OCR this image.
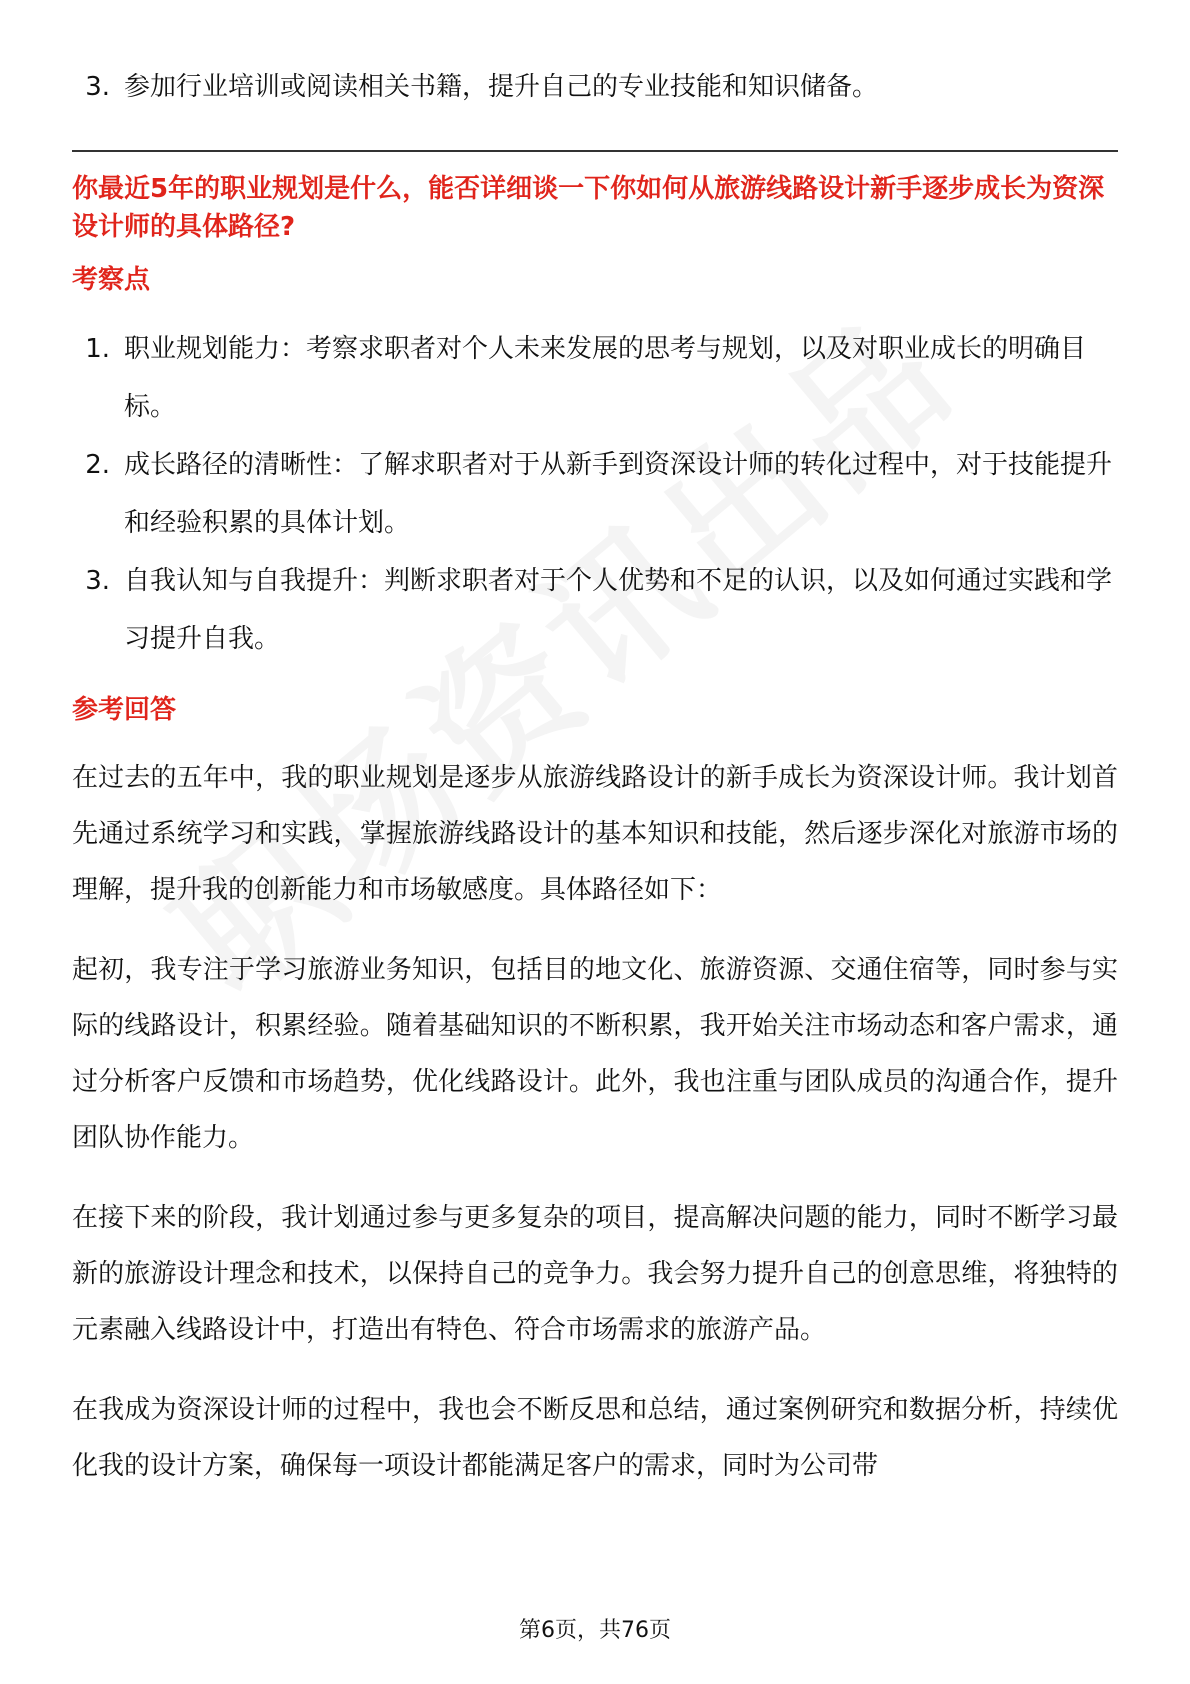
3. 参加行业培训或阅读相关书籍，提升自己的专业技能和知识储备。
你最近5年的职业规划是什么，能否详细谈一下你如何从旅游线路设计新手逐步成长为资深设计师的具体路径?
考察点
1. 职业规划能力：考察求职者对个人未来发展的思考与规划，以及对职业成长的明确目标。
2. 成长路径的清晰性：了解求职者对于从新手到资深设计师的转化过程中，对于技能提升和经验积累的具体计划。
3. 自我认知与自我提升：判断求职者对于个人优势和不足的认识，以及如何通过实践和学习提升自我。
参考回答

在过去的五年中，我的职业规划是逐步从旅游线路设计的新手成长为资深设计师。我计划首先通过系统学习和实践，掌握旅游线路设计的基本知识和技能，然后逐步深化对旅游市场的理解，提升我的创新能力和市场敏感度。具体路径如下：

起初，我专注于学习旅游业务知识，包括目的地文化、旅游资源、交通住宿等，同时参与实际的线路设计，积累经验。随着基础知识的不断积累，我开始关注市场动态和客户需求，通过分析客户反馈和市场趋势，优化线路设计。此外，我也注重与团队成员的沟通合作，提升团队协作能力。

在接下来的阶段，我计划通过参与更多复杂的项目，提高解决问题的能力，同时不断学习最新的旅游设计理念和技术，以保持自己的竞争力。我会努力提升自己的创意思维，将独特的元素融入线路设计中，打造出有特色、符合市场需求的旅游产品。

在我成为资深设计师的过程中，我也会不断反思和总结，通过案例研究和数据分析，持续优化我的设计方案，确保每一项设计都能满足客户的需求，同时为公司带

第6页，共76页
